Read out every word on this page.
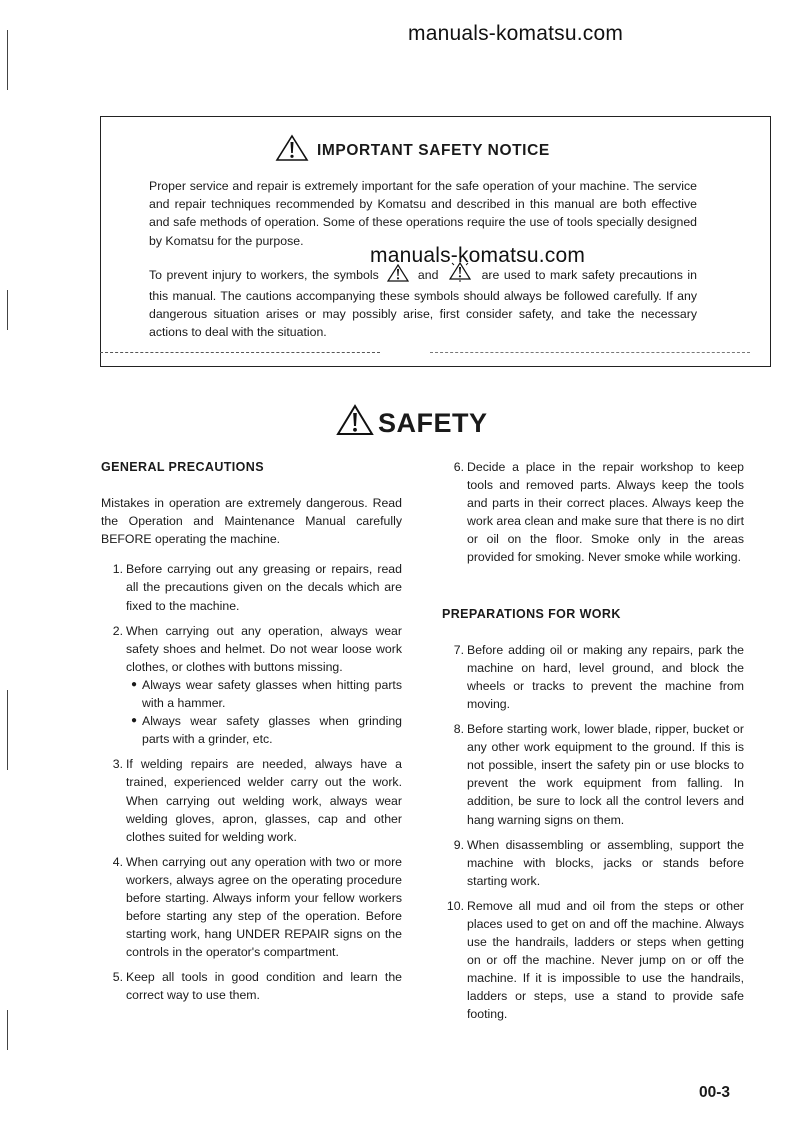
manuals-komatsu.com
IMPORTANT SAFETY NOTICE

Proper service and repair is extremely important for the safe operation of your machine. The service and repair techniques recommended by Komatsu and described in this manual are both effective and safe methods of operation. Some of these operations require the use of tools specially designed by Komatsu for the purpose.

To prevent injury to workers, the symbols	and	are used to mark safety precautions in this manual. The cautions accompanying these symbols should always be followed carefully. If any dangerous situation arises or may possibly arise, first consider safety, and take the necessary actions to deal with the situation.

manuals-komatsu.com
SAFETY

GENERAL PRECAUTIONS

Mistakes in operation are extremely dangerous. Read the Operation and Maintenance Manual carefully BEFORE operating the machine.

1. Before carrying out any greasing or repairs, read all the precautions given on the decals which are fixed to the machine.
2. When carrying out any operation, always wear safety shoes and helmet. Do not wear loose work clothes, or clothes with buttons missing.
● Always wear safety glasses when hitting parts with a hammer.
● Always wear safety glasses when grinding parts with a grinder, etc.
3. If welding repairs are needed, always have a trained, experienced welder carry out the work. When carrying out welding work, always wear welding gloves, apron, glasses, cap and other clothes suited for welding work.
4. When carrying out any operation with two or more workers, always agree on the operating procedure before starting. Always inform your fellow workers before starting any step of the operation. Before starting work, hang UNDER REPAIR signs on the controls in the operator's compartment.
5. Keep all tools in good condition and learn the correct way to use them.
6. Decide a place in the repair workshop to keep tools and removed parts. Always keep the tools and parts in their correct places. Always keep the work area clean and make sure that there is no dirt or oil on the floor. Smoke only in the areas provided for smoking. Never smoke while working.

PREPARATIONS FOR WORK

7. Before adding oil or making any repairs, park the machine on hard, level ground, and block the wheels or tracks to prevent the machine from moving.
8. Before starting work, lower blade, ripper, bucket or any other work equipment to the ground. If this is not possible, insert the safety pin or use blocks to prevent the work equipment from falling. In addition, be sure to lock all the control levers and hang warning signs on them.
9. When disassembling or assembling, support the machine with blocks, jacks or stands before starting work.
10. Remove all mud and oil from the steps or other places used to get on and off the machine. Always use the handrails, ladders or steps when getting on or off the machine. Never jump on or off the machine. If it is impossible to use the handrails, ladders or steps, use a stand to provide safe footing.
00-3
